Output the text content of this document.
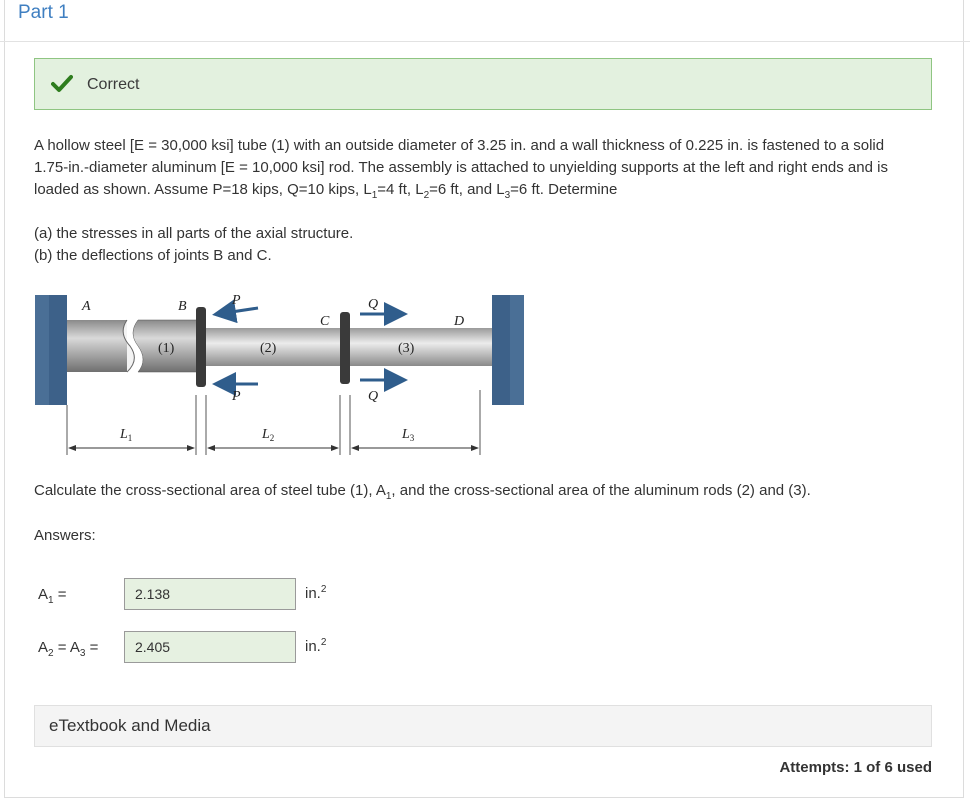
Part 1
Correct
A hollow steel [E = 30,000 ksi] tube (1) with an outside diameter of 3.25 in. and a wall thickness of 0.225 in. is fastened to a solid
1.75-in.-diameter aluminum [E = 10,000 ksi] rod. The assembly is attached to unyielding supports at the left and right ends and is
loaded as shown. Assume P=18 kips, Q=10 kips, $L_1=4$ ft, $L_2=6$ ft, and $L_3=6$ ft. Determine
(a) the stresses in all parts of the axial structure.
(b) the deflections of joints B and C.
A	B	P
C
Q
D
P	Q
(1)	(2)	(3)
$L_1$	$L_2$	$L_3$
Calculate the cross-sectional area of steel tube (1), $A_1$, and the cross-sectional area of the aluminum rods (2) and (3).
Answers:
$A_1$ =
2.138	in.$^2$
$A_2 = A_3$ =
2.405	in.$^2$
eTextbook and Media
Attempts: 1 of 6 used
